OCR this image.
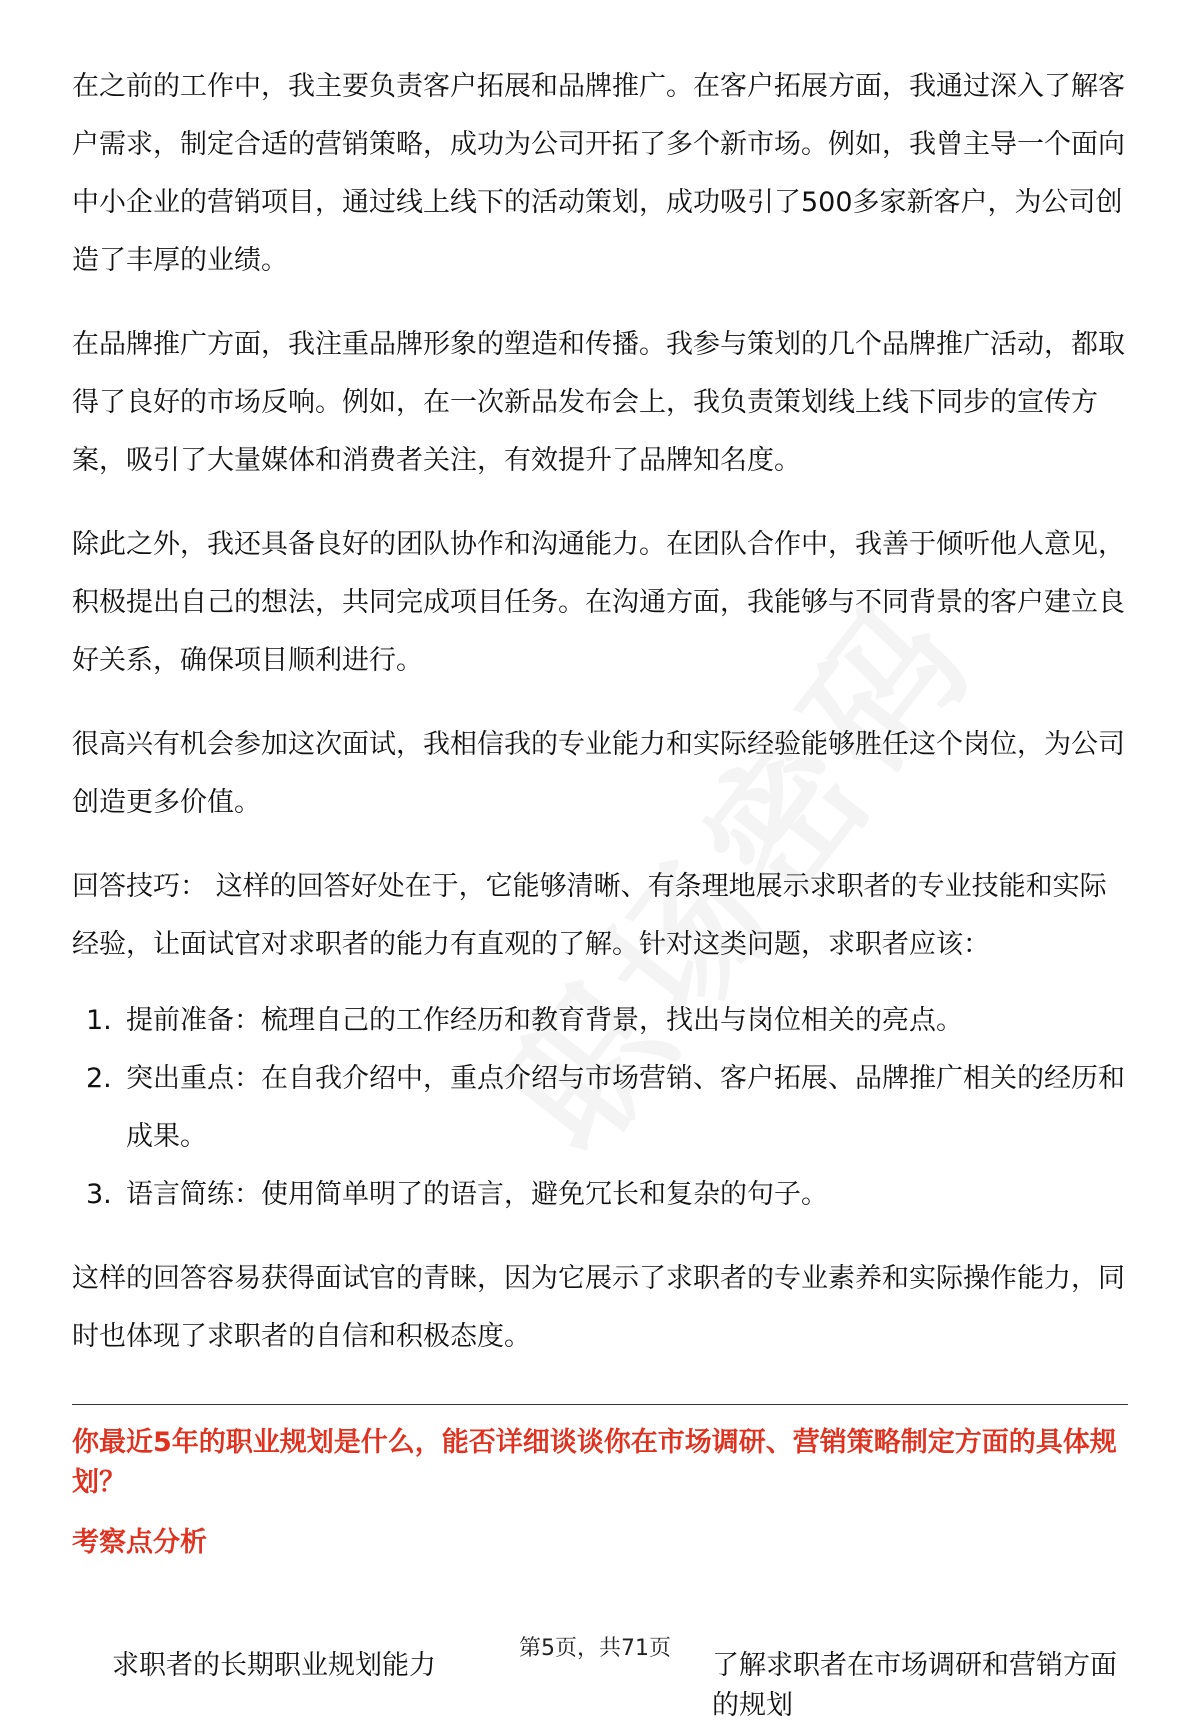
在之前的工作中，我主要负责客户拓展和品牌推广。在客户拓展方面，我通过深入了解客户需求，制定合适的营销策略，成功为公司开拓了多个新市场。例如，我曾主导一个面向中小企业的营销项目，通过线上线下的活动策划，成功吸引了500多家新客户，为公司创造了丰厚的业绩。

在品牌推广方面，我注重品牌形象的塑造和传播。我参与策划的几个品牌推广活动，都取得了良好的市场反响。例如，在一次新品发布会上，我负责策划线上线下同步的宣传方案，吸引了大量媒体和消费者关注，有效提升了品牌知名度。

除此之外，我还具备良好的团队协作和沟通能力。在团队合作中，我善于倾听他人意见，积极提出自己的想法，共同完成项目任务。在沟通方面，我能够与不同背景的客户建立良好关系，确保项目顺利进行。

很高兴有机会参加这次面试，我相信我的专业能力和实际经验能够胜任这个岗位，为公司创造更多价值。

回答技巧： 这样的回答好处在于，它能够清晰、有条理地展示求职者的专业技能和实际经验，让面试官对求职者的能力有直观的了解。针对这类问题，求职者应该：

1. 提前准备：梳理自己的工作经历和教育背景，找出与岗位相关的亮点。
2. 突出重点：在自我介绍中，重点介绍与市场营销、客户拓展、品牌推广相关的经历和成果。
3. 语言简练：使用简单明了的语言，避免冗长和复杂的句子。

这样的回答容易获得面试官的青睐，因为它展示了求职者的专业素养和实际操作能力，同时也体现了求职者的自信和积极态度。

你最近5年的职业规划是什么，能否详细谈谈你在市场调研、营销策略制定方面的具体规划？
考察点分析
求职者的长期职业规划能力	了解求职者在市场调研和营销方面的规划
第5页，共71页
